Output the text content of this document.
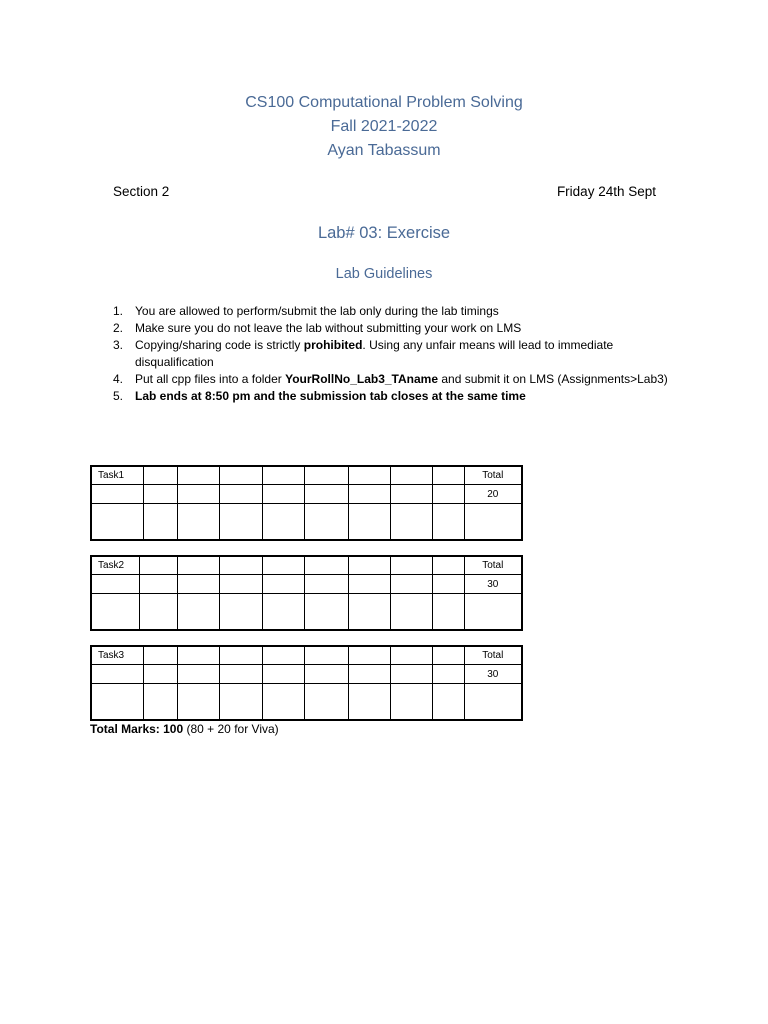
CS100 Computational Problem Solving
Fall 2021-2022
Ayan Tabassum
Section 2	Friday 24th Sept
Lab# 03: Exercise
Lab Guidelines
1. You are allowed to perform/submit the lab only during the lab timings
2. Make sure you do not leave the lab without submitting your work on LMS
3. Copying/sharing code is strictly prohibited. Using any unfair means will lead to immediate disqualification
4. Put all cpp files into a folder YourRollNo_Lab3_TAname and submit it on LMS (Assignments>Lab3)
5. Lab ends at 8:50 pm and the submission tab closes at the same time
Task1									Total
									20

Task2									Total
									30

Task3									Total
									30

Total Marks: 100 (80 + 20 for Viva)
